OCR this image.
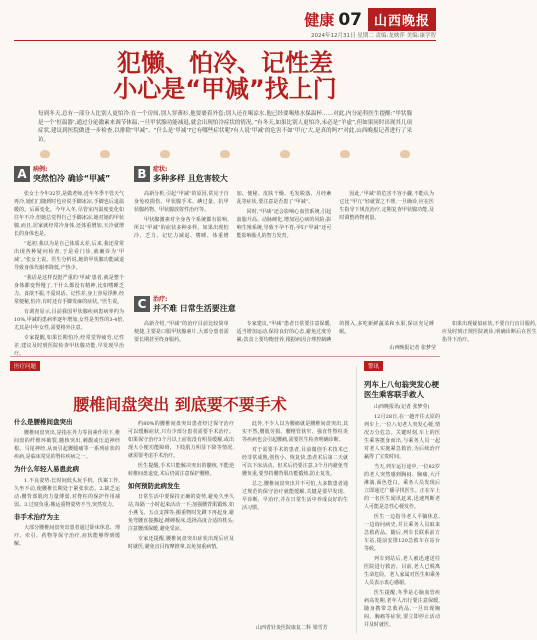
健康 07 山西晚报
2024年12月31日 星期二 责编:龙映萍 美编:康学智
犯懒、怕冷、记性差
小心是“甲减”找上门
每到冬天,总有一部分人比别人更怕冷:在一个房间,别人穿薄衫,他要裹着外套;别人还在喝凉水,他已经要喝热水保温杯……对此,内分泌科医生提醒:“甲状腺是一个‘恒温器’,通过分泌激素来调节体温,一旦甲状腺功能减退,就会出现怕冷症状的情况。”有冬天,如果比别人更怕冷,未必是“羊虚”,但如果同时出现其几项症状,建议到医院做进一步检查,以排除“甲减”。“什么是‘甲减’?它有哪些症状呢?有人说‘甲减’的危害不如‘甲亢’大,是真的吗?”对此,山西晚报记者进行了采访。
A	病例:
突然怕冷 确诊“甲减”

张女士今年32岁,是做老师,近年冬季不管天气再冷,她们门随到时也应说手脚冰凉,手脚也后退温暖的。后面变化。今年入冬,尽管室内温度变化如往年不冷,但她总觉得自己手脚冰凉,她对她的甲状腺,而且,居家就经常冷身体,还体重增加,天冷就增长的身体也是。

“起初,我以为是自己体质太差,后来,我还常常出现各种疑问检查,于是看门诊,就确诊为‘甲减’。”张女士说。医生分析说,她的甲状腺功能减退导致身体代谢率降低,产热少。

“我话是这样没挺严重的‘甲减’患者,就是整个身体都变得慢了,干什么都没有精神,比如嗜睡乏力、食欲不振,不爱说话、记性差,身上容易浮肿,经常便秘,怕冷,有时还有手脚发麻的症状。”医生说。

有调查显示,目前我国甲状腺疾病患病率约为10%,甲减的患病率逐年增加,女性是男性的3-4倍,尤其是中年女性,需要格外注意。

专家提醒,如果长期怕冷,经常觉得疲劳,记性差,建议及时到医院检查甲状腺功能,早发现早治疗。

B	症状:
多种多样 且危害较大

高新分析,引起“甲减”的原因,常见于自身免疫损伤、甲状腺手术、碘过量、抗甲状腺药物、甲状腺放射性治疗等。

甲状腺激素对全身各个系统都有影响,所以“甲减”的症状多种多样。如果出现怕冷、乏力、记忆力减退、嗜睡、体重增加、便秘、皮肤干燥、毛发脱落、月经紊乱等症状,要注意是否患了“甲减”。

同时,“甲减”还会影响心血管系统,引起血脂升高、动脉硬化,增加冠心病的风险;影响生殖系统,导致不孕不育;孕妇“甲减”还可能影响胎儿的智力发育。

因此,“甲减”的危害不容小觑,不能认为它比“甲亢”轻就置之不理,一旦确诊,应在医生指导下规范治疗,定期复查甲状腺功能,及时调整药物剂量。

C	治疗:
并不难 日常生活要注意

高新介绍,“甲减”的治疗目前比较简单便捷,主要是口服甲状腺素片,大部分患者需要长期甚至终身服药。

专家建议,“甲减”患者日常要注意保暖,适当增加运动,保持良好的心态,避免过度劳累;饮食上要均衡营养,根据病因合理控制碘的摄入,多吃新鲜蔬菜和水果,保证充足睡眠。

如果出现疑似症状,不要自行盲目服药,应及时到正规医院就诊,明确诊断后在医生指导下治疗。

山西晚报记者 张梦莹
医疗问题	警讯
腰椎间盘突出 到底要不要手术
什么是腰椎间盘突出

腰椎间盘突出,是指在外力等因素作用下,椎间盘的纤维环破裂,髓核突出,刺激或压迫神经根、马尾神经,从而引起腰腿痛等一系列症状的疾病,是临床常见的脊柱疾病之一。

为什么年轻人易患此病

1.不良姿势:长时间低头玩手机、伏案工作,久坐不动,使腰椎长期处于紧张状态。2.缺乏运动:腰背部肌肉力量薄弱,对脊柱的保护作用减弱。3.过度负重:搬运重物姿势不当,突然发力。

非手术治疗为主

大部分腰椎间盘突出患者通过卧床休息、理疗、牵引、药物等保守治疗,症状能够得到缓解。

约80%的腰椎间盘突出患者经过保守治疗可以缓解症状,只有少部分患者需要手术治疗。如果保守治疗3个月以上症状没有明显缓解,或出现大小便功能障碍、下肢肌力明显下降等情况,就需要考虑手术治疗。

医生提醒,手术只能解决突出的髓核,不能逆转椎间盘退变,术后仍需注意保护腰椎。

如何预防此病发生

日常生活中要保持正确的姿势,避免久坐久站,每隔一小时起来活动一下;加强腰背肌锻炼,如小燕飞、五点支撑等;搬重物时先蹲下再起身,避免弯腰直接搬起;睡硬板床,选择高度合适的枕头;注意腰部保暖,避免受凉。

专家还提醒,腰椎间盘突出症状出现后应及时就医,避免盲目按摩推拿,以免加重病情。

此外,不少人以为腰痛就是腰椎间盘突出,其实不然,腰肌劳损、腰椎管狭窄、强直性脊柱炎等疾病也会引起腰痛,需要医生检查明确诊断。

对于需要手术的患者,目前微创手术技术已经非常成熟,创伤小、恢复快,患者术后第二天就可以下床活动。但术后仍要注意,3个月内避免弯腰负重,要坚持腰背肌功能锻炼,防止复发。

总之,腰椎间盘突出并不可怕,大多数患者通过规范的保守治疗就能缓解,关键是要早发现、早诊断、早治疗,并在日常生活中养成良好的生活习惯。

山西省针灸医院康复二科 梁雪芳
列车上八旬翁突发心梗 医生乘客联手救人

山西晚报讯(记者 张梦莹)

12月28日,在一趟开往太原的列车上,一位八旬老人突发心梗,情况万分危急。关键时刻,车上的医生乘客挺身而出,与乘务人员一起对老人实施紧急救治,为后续治疗赢得了宝贵时间。

当天,列车运行途中,一位82岁的老人突然感到胸闷、胸痛,大汗淋漓,面色苍白。乘务人员发现后立即通过广播寻找医生。正在车上的一名医生闻讯赶来,迅速判断老人可能是急性心梗发作。

医生一边指导老人平躺休息,一边询问病史,并让乘务人员取来急救药品。随后,列车长联系前方车站,提前安排120急救车在站台等候。

列车到站后,老人被迅速送往医院进行救治。目前,老人已脱离生命危险。老人家属对医生和乘务人员表示衷心感谢。

医生提醒,冬季是心脑血管疾病高发期,老年人出行要注意保暖,随身携带急救药品,一旦出现胸闷、胸痛等症状,要立即停止活动并及时就医。
